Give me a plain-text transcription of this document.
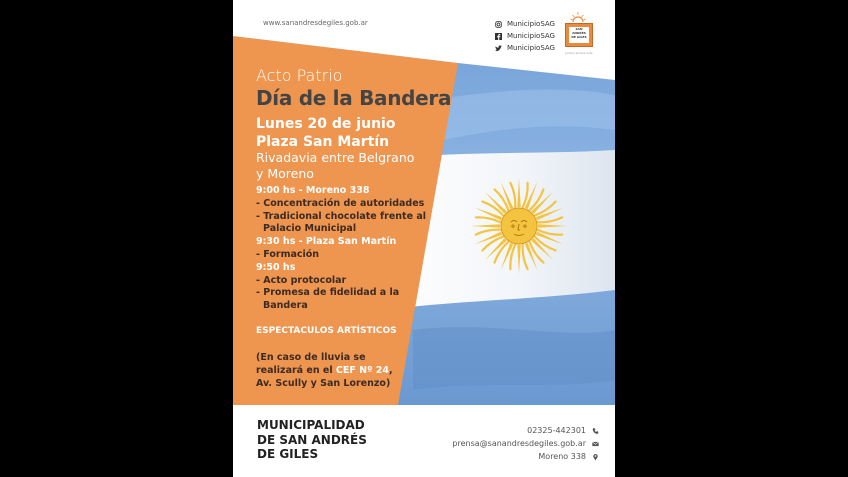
www.sanandresdegiles.gob.ar	MunicipioSAG
MunicipioSAG
MunicipioSAG
SAN
ANDRÉS
DE GILES
Juntos somos más
Acto Patrio
Día de la Bandera
Lunes 20 de junio
Plaza San Martín
Rivadavia entre Belgrano
y Moreno
9:00 hs - Moreno 338
- Concentración de autoridades
- Tradicional chocolate frente al
Palacio Municipal
9:30 hs - Plaza San Martín
- Formación
9:50 hs
- Acto protocolar
- Promesa de fidelidad a la
Bandera
ESPECTACULOS ARTÍSTICOS
(En caso de lluvia se
realizará en el CEF Nº 24,
Av. Scully y San Lorenzo)
MUNICIPALIDAD
DE SAN ANDRÉS
DE GILES
02325-442301
prensa@sanandresdegiles.gob.ar
Moreno 338
